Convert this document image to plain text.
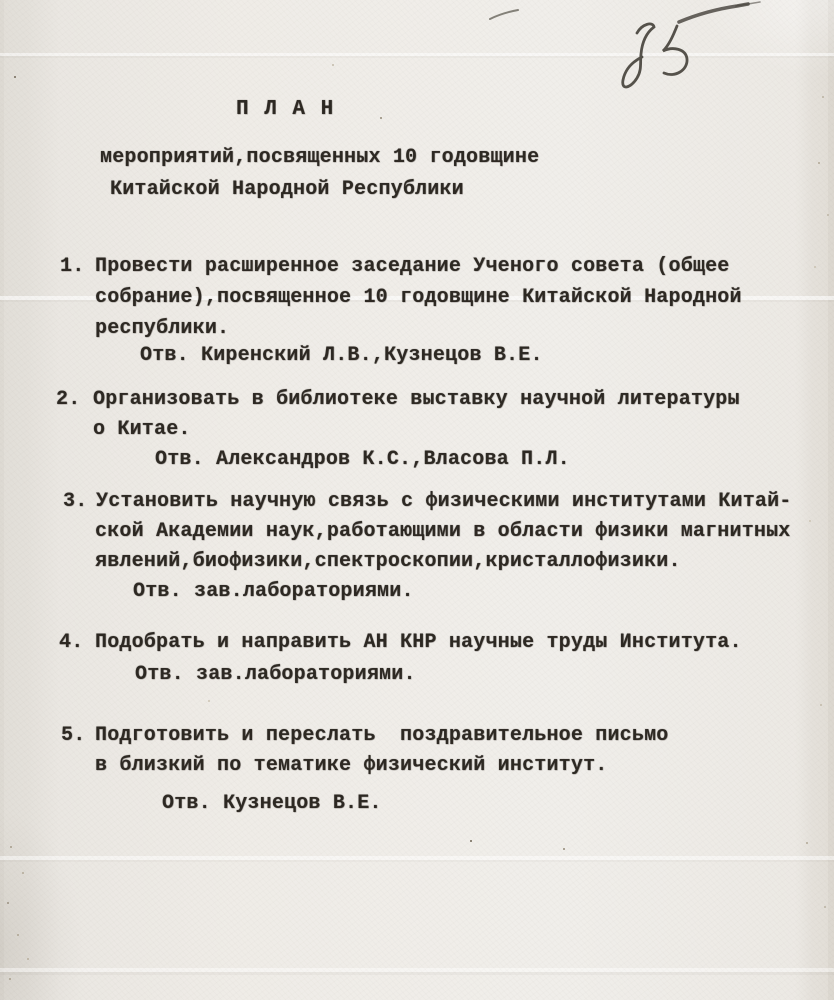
П Л А Н
мероприятий,посвященных 10 годовщине
Китайской Народной Республики
1. Провести расширенное заседание Ученого совета (общее
собрание),посвященное 10 годовщине Китайской Народной
республики.
Отв. Киренский Л.В.,Кузнецов В.Е.
2. Организовать в библиотеке выставку научной литературы
о Китае.
Отв. Александров К.С.,Власова П.Л.
3. Установить научную связь с физическими институтами Китай-
ской Академии наук,работающими в области физики магнитных
явлений,биофизики,спектроскопии,кристаллофизики.
Отв. зав.лабораториями.
4. Подобрать и направить АН КНР научные труды Института.
Отв. зав.лабораториями.
5. Подготовить и переслать  поздравительное письмо
в близкий по тематике физический институт.
Отв. Кузнецов В.Е.
